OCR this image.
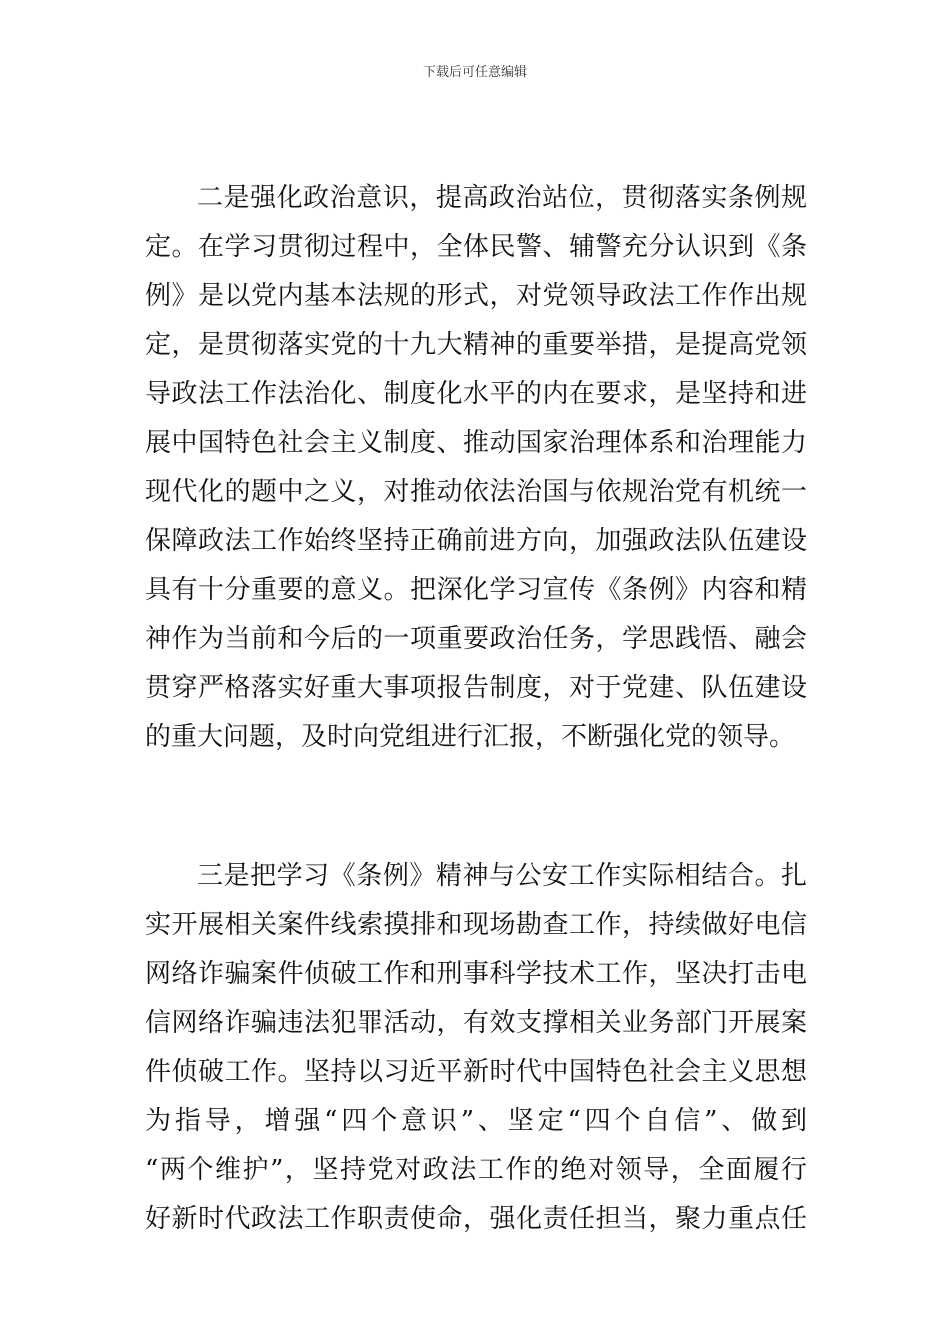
下载后可任意编辑
二是强化政治意识，提高政治站位，贯彻落实条例规
定。在学习贯彻过程中，全体民警、辅警充分认识到《条
例》是以党内基本法规的形式，对党领导政法工作作出规
定，是贯彻落实党的十九大精神的重要举措，是提高党领
导政法工作法治化、制度化水平的内在要求，是坚持和进
展中国特色社会主义制度、推动国家治理体系和治理能力
现代化的题中之义，对推动依法治国与依规治党有机统一
保障政法工作始终坚持正确前进方向，加强政法队伍建设
具有十分重要的意义。把深化学习宣传《条例》内容和精
神作为当前和今后的一项重要政治任务，学思践悟、融会
贯穿严格落实好重大事项报告制度，对于党建、队伍建设
的重大问题，及时向党组进行汇报，不断强化党的领导。
三是把学习《条例》精神与公安工作实际相结合。扎
实开展相关案件线索摸排和现场勘查工作，持续做好电信
网络诈骗案件侦破工作和刑事科学技术工作，坚决打击电
信网络诈骗违法犯罪活动，有效支撑相关业务部门开展案
件侦破工作。坚持以习近平新时代中国特色社会主义思想
为指导，增强“四个意识”、坚定“四个自信”、做到
“两个维护”，坚持党对政法工作的绝对领导，全面履行
好新时代政法工作职责使命，强化责任担当，聚力重点任
